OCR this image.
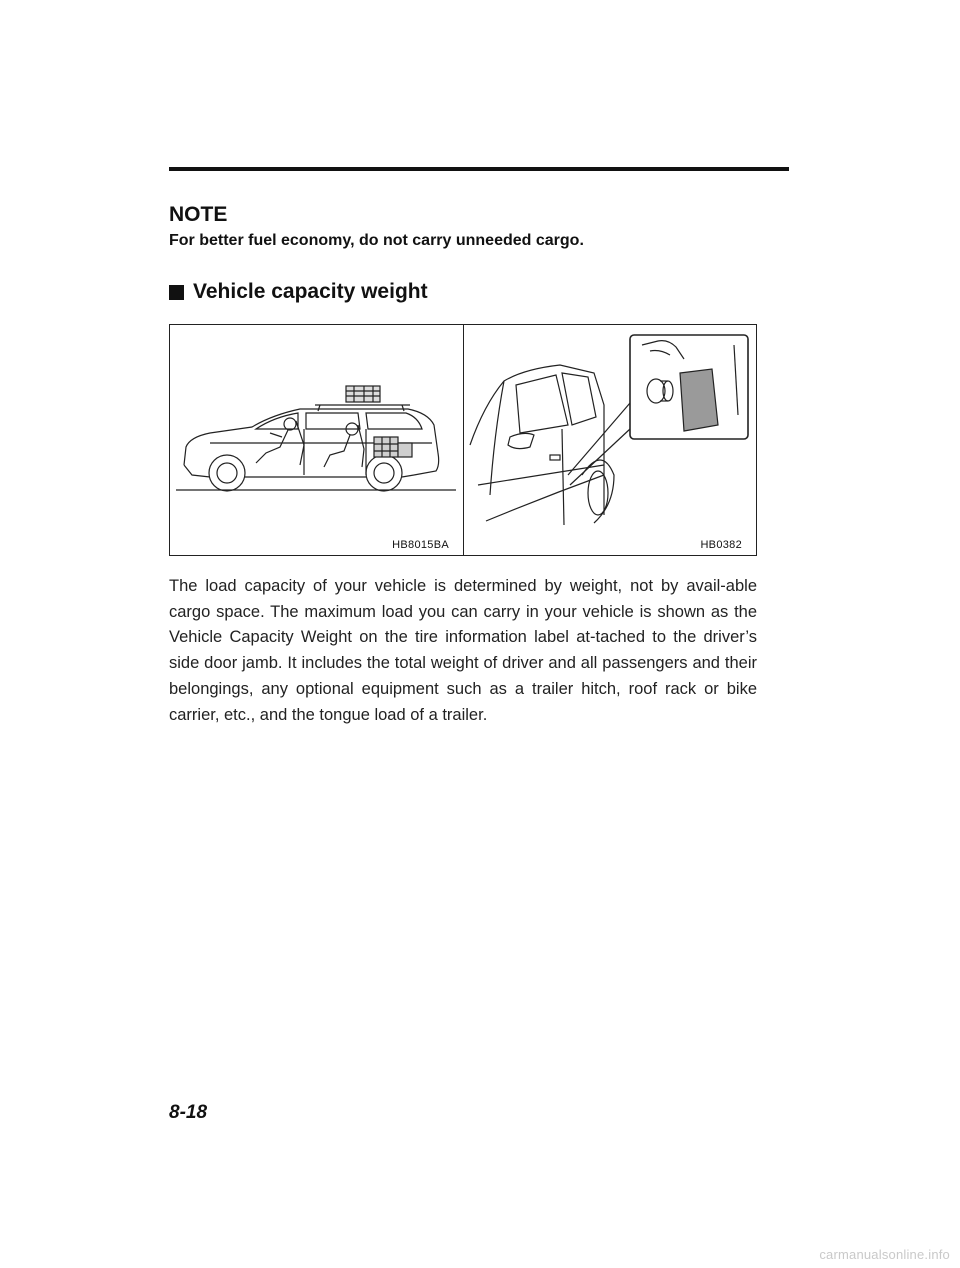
NOTE

For better fuel economy, do not carry unneeded cargo.

Vehicle capacity weight
HB8015BA	HB0382

The load capacity of your vehicle is determined by weight, not by avail-able cargo space. The maximum load you can carry in your vehicle is shown as the Vehicle Capacity Weight on the tire information label at-tached to the driver’s side door jamb. It includes the total weight of driver and all passengers and their belongings, any optional equipment such as a trailer hitch, roof rack or bike carrier, etc., and the tongue load of a trailer.

8-18

carmanualsonline.info
